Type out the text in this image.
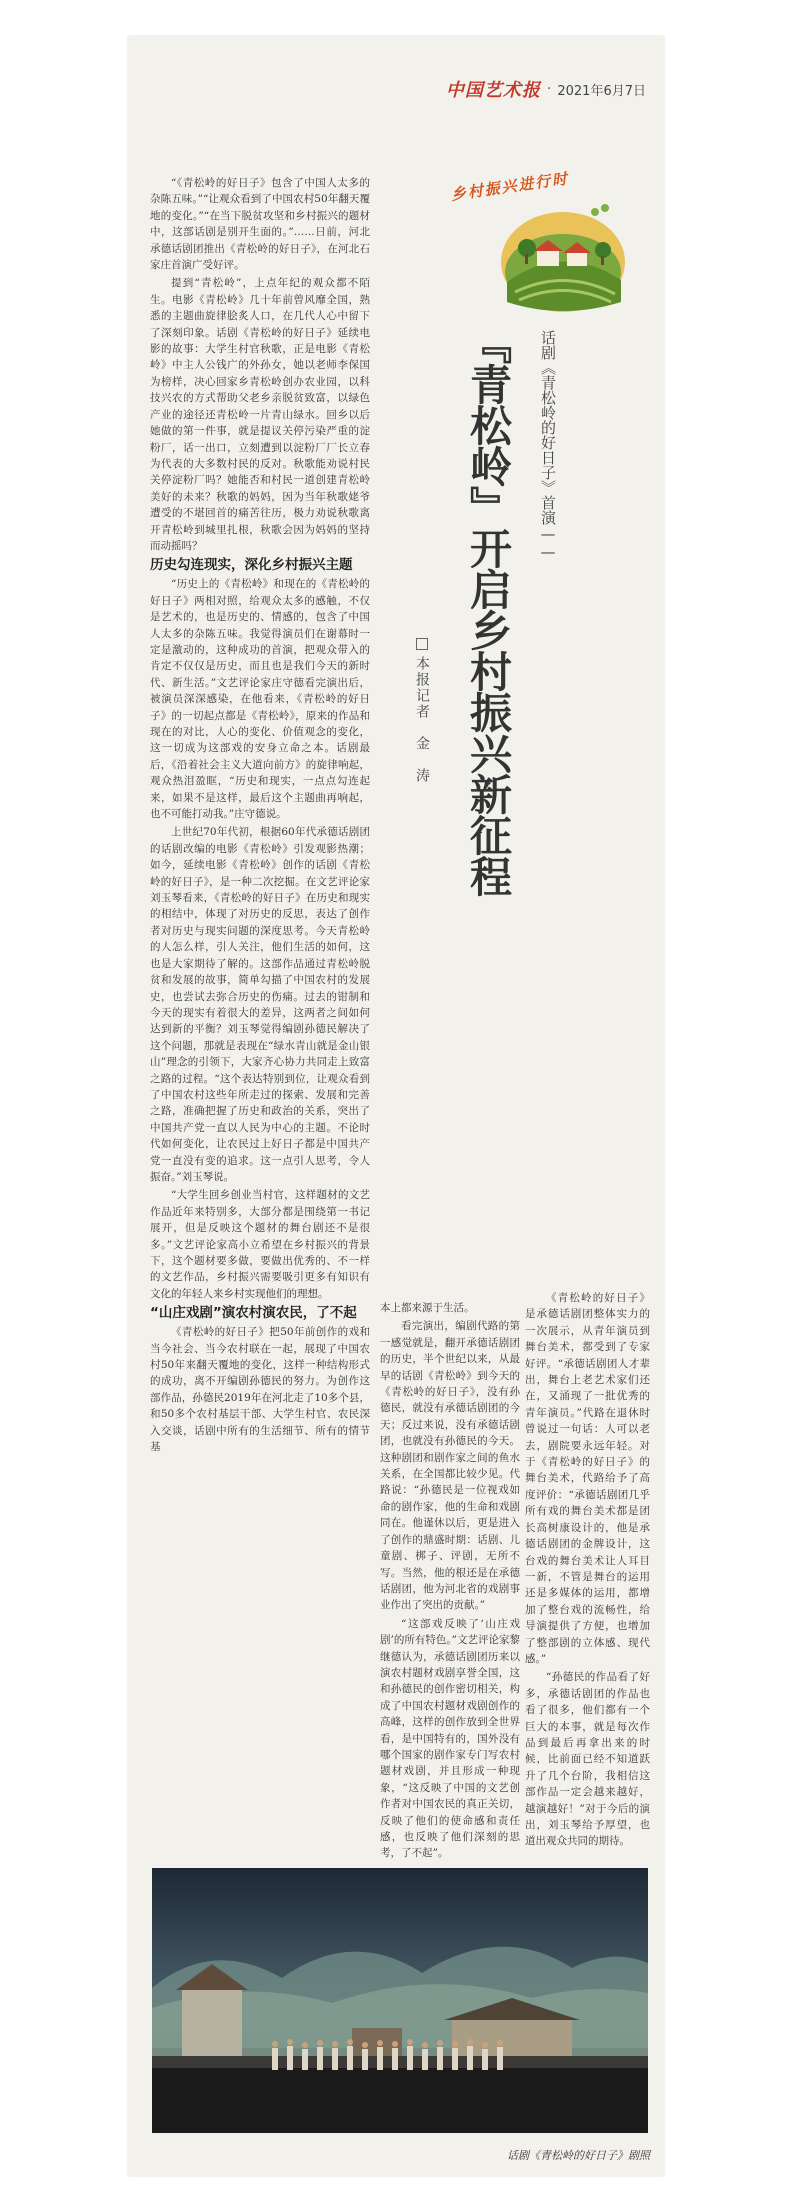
中国艺术报 · 2021年6月7日
乡村振兴进行时
话剧《青松岭的好日子》首演——
『青松岭』开启乡村振兴新征程
本报记者　金　涛

“《青松岭的好日子》包含了中国人太多的杂陈五味。”“让观众看到了中国农村50年翻天覆地的变化。”“在当下脱贫攻坚和乡村振兴的题材中，这部话剧是别开生面的。”……日前，河北承德话剧团推出《青松岭的好日子》，在河北石家庄首演广受好评。

提到“青松岭”，上点年纪的观众都不陌生。电影《青松岭》几十年前曾风靡全国，熟悉的主题曲旋律脍炙人口，在几代人心中留下了深刻印象。话剧《青松岭的好日子》延续电影的故事：大学生村官秋歌，正是电影《青松岭》中主人公钱广的外孙女，她以老师李保国为榜样，决心回家乡青松岭创办农业园，以科技兴农的方式帮助父老乡亲脱贫致富，以绿色产业的途径还青松岭一片青山绿水。回乡以后她做的第一件事，就是提议关停污染严重的淀粉厂，话一出口，立刻遭到以淀粉厂厂长立春为代表的大多数村民的反对。秋歌能劝说村民关停淀粉厂吗？她能否和村民一道创建青松岭美好的未来？秋歌的妈妈，因为当年秋歌姥爷遭受的不堪回首的痛苦往历，极力劝说秋歌离开青松岭到城里扎根，秋歌会因为妈妈的坚持而动摇吗？

历史勾连现实，深化乡村振兴主题

“历史上的《青松岭》和现在的《青松岭的好日子》两相对照，给观众太多的感触，不仅是艺术的，也是历史的、情感的，包含了中国人太多的杂陈五味。我觉得演员们在谢幕时一定是激动的，这种成功的首演，把观众带入的肯定不仅仅是历史，而且也是我们今天的新时代、新生活。”文艺评论家庄守德看完演出后，被演员深深感染，在他看来，《青松岭的好日子》的一切起点都是《青松岭》，原来的作品和现在的对比，人心的变化、价值观念的变化，这一切成为这部戏的安身立命之本。话剧最后，《沿着社会主义大道向前方》的旋律响起，观众热泪盈眶，“历史和现实，一点点勾连起来，如果不是这样，最后这个主题曲再响起，也不可能打动我。”庄守德说。

上世纪70年代初，根据60年代承德话剧团的话剧改编的电影《青松岭》引发观影热潮；如今，延续电影《青松岭》创作的话剧《青松岭的好日子》，是一种二次挖掘。在文艺评论家刘玉琴看来，《青松岭的好日子》在历史和现实的相结中，体现了对历史的反思，表达了创作者对历史与现实问题的深度思考。今天青松岭的人怎么样，引人关注，他们生活的如何，这也是大家期待了解的。这部作品通过青松岭脱贫和发展的故事，简单勾描了中国农村的发展史，也尝试去弥合历史的伤痛。过去的钳制和今天的现实有着很大的差异，这两者之间如何达到新的平衡？刘玉琴觉得编剧孙德民解决了这个问题，那就是表现在“绿水青山就是金山银山”理念的引领下，大家齐心协力共同走上致富之路的过程。“这个表达特别到位，让观众看到了中国农村这些年所走过的探索、发展和完善之路，准确把握了历史和政治的关系，突出了中国共产党一直以人民为中心的主题。不论时代如何变化，让农民过上好日子都是中国共产党一直没有变的追求。这一点引人思考，令人振奋。”刘玉琴说。

“大学生回乡创业当村官，这样题材的文艺作品近年来特别多，大部分都是围绕第一书记展开，但是反映这个题材的舞台剧还不是很多。”文艺评论家高小立希望在乡村振兴的背景下，这个题材要多做，要做出优秀的、不一样的文艺作品，乡村振兴需要吸引更多有知识有文化的年轻人来乡村实现他们的理想。

“山庄戏剧”演农村演农民，了不起

《青松岭的好日子》把50年前创作的戏和当今社会、当今农村联在一起，展现了中国农村50年来翻天覆地的变化，这样一种结构形式的成功，离不开编剧孙德民的努力。为创作这部作品，孙德民2019年在河北走了10多个县，和50多个农村基层干部、大学生村官、农民深入交谈，话剧中所有的生活细节、所有的情节基

本上都来源于生活。

看完演出，编剧代路的第一感觉就是，翻开承德话剧团的历史，半个世纪以来，从最早的话剧《青松岭》到今天的《青松岭的好日子》，没有孙德民，就没有承德话剧团的今天；反过来说，没有承德话剧团，也就没有孙德民的今天。这种剧团和剧作家之间的鱼水关系，在全国都比较少见。代路说：“孙德民是一位视戏如命的剧作家，他的生命和戏剧同在。他谨休以后，更是进入了创作的鼎盛时期：话剧、儿童剧、梆子、评剧，无所不写。当然，他的根还是在承德话剧团，他为河北省的戏剧事业作出了突出的贡献。”

“这部戏反映了‘山庄戏剧’的所有特色。”文艺评论家黎继德认为，承德话剧团历来以演农村题材戏剧享誉全国，这和孙德民的创作密切相关，构成了中国农村题材戏剧创作的高峰，这样的创作放到全世界看，是中国特有的，国外没有哪个国家的剧作家专门写农村题材戏剧，并且形成一种现象，“这反映了中国的文艺创作者对中国农民的真正关切，反映了他们的使命感和责任感，也反映了他们深刻的思考，了不起”。

《青松岭的好日子》是承德话剧团整体实力的一次展示，从青年演员到舞台美术，都受到了专家好评。“承德话剧团人才辈出，舞台上老艺术家们还在，又涌现了一批优秀的青年演员。”代路在退休时曾说过一句话：人可以老去，剧院要永远年轻。对于《青松岭的好日子》的舞台美术，代路给予了高度评价：“承德话剧团几乎所有戏的舞台美术都是团长高树康设计的，他是承德话剧团的金牌设计，这台戏的舞台美术让人耳目一新，不管是舞台的运用还是多媒体的运用，都增加了整台戏的流畅性，给导演提供了方便，也增加了整部剧的立体感、现代感。”

“孙德民的作品看了好多，承德话剧团的作品也看了很多，他们都有一个巨大的本事，就是每次作品到最后再拿出来的时候，比前面已经不知道跃升了几个台阶，我相信这部作品一定会越来越好，越演越好！”对于今后的演出，刘玉琴给予厚望，也道出观众共同的期待。

话剧《青松岭的好日子》剧照
